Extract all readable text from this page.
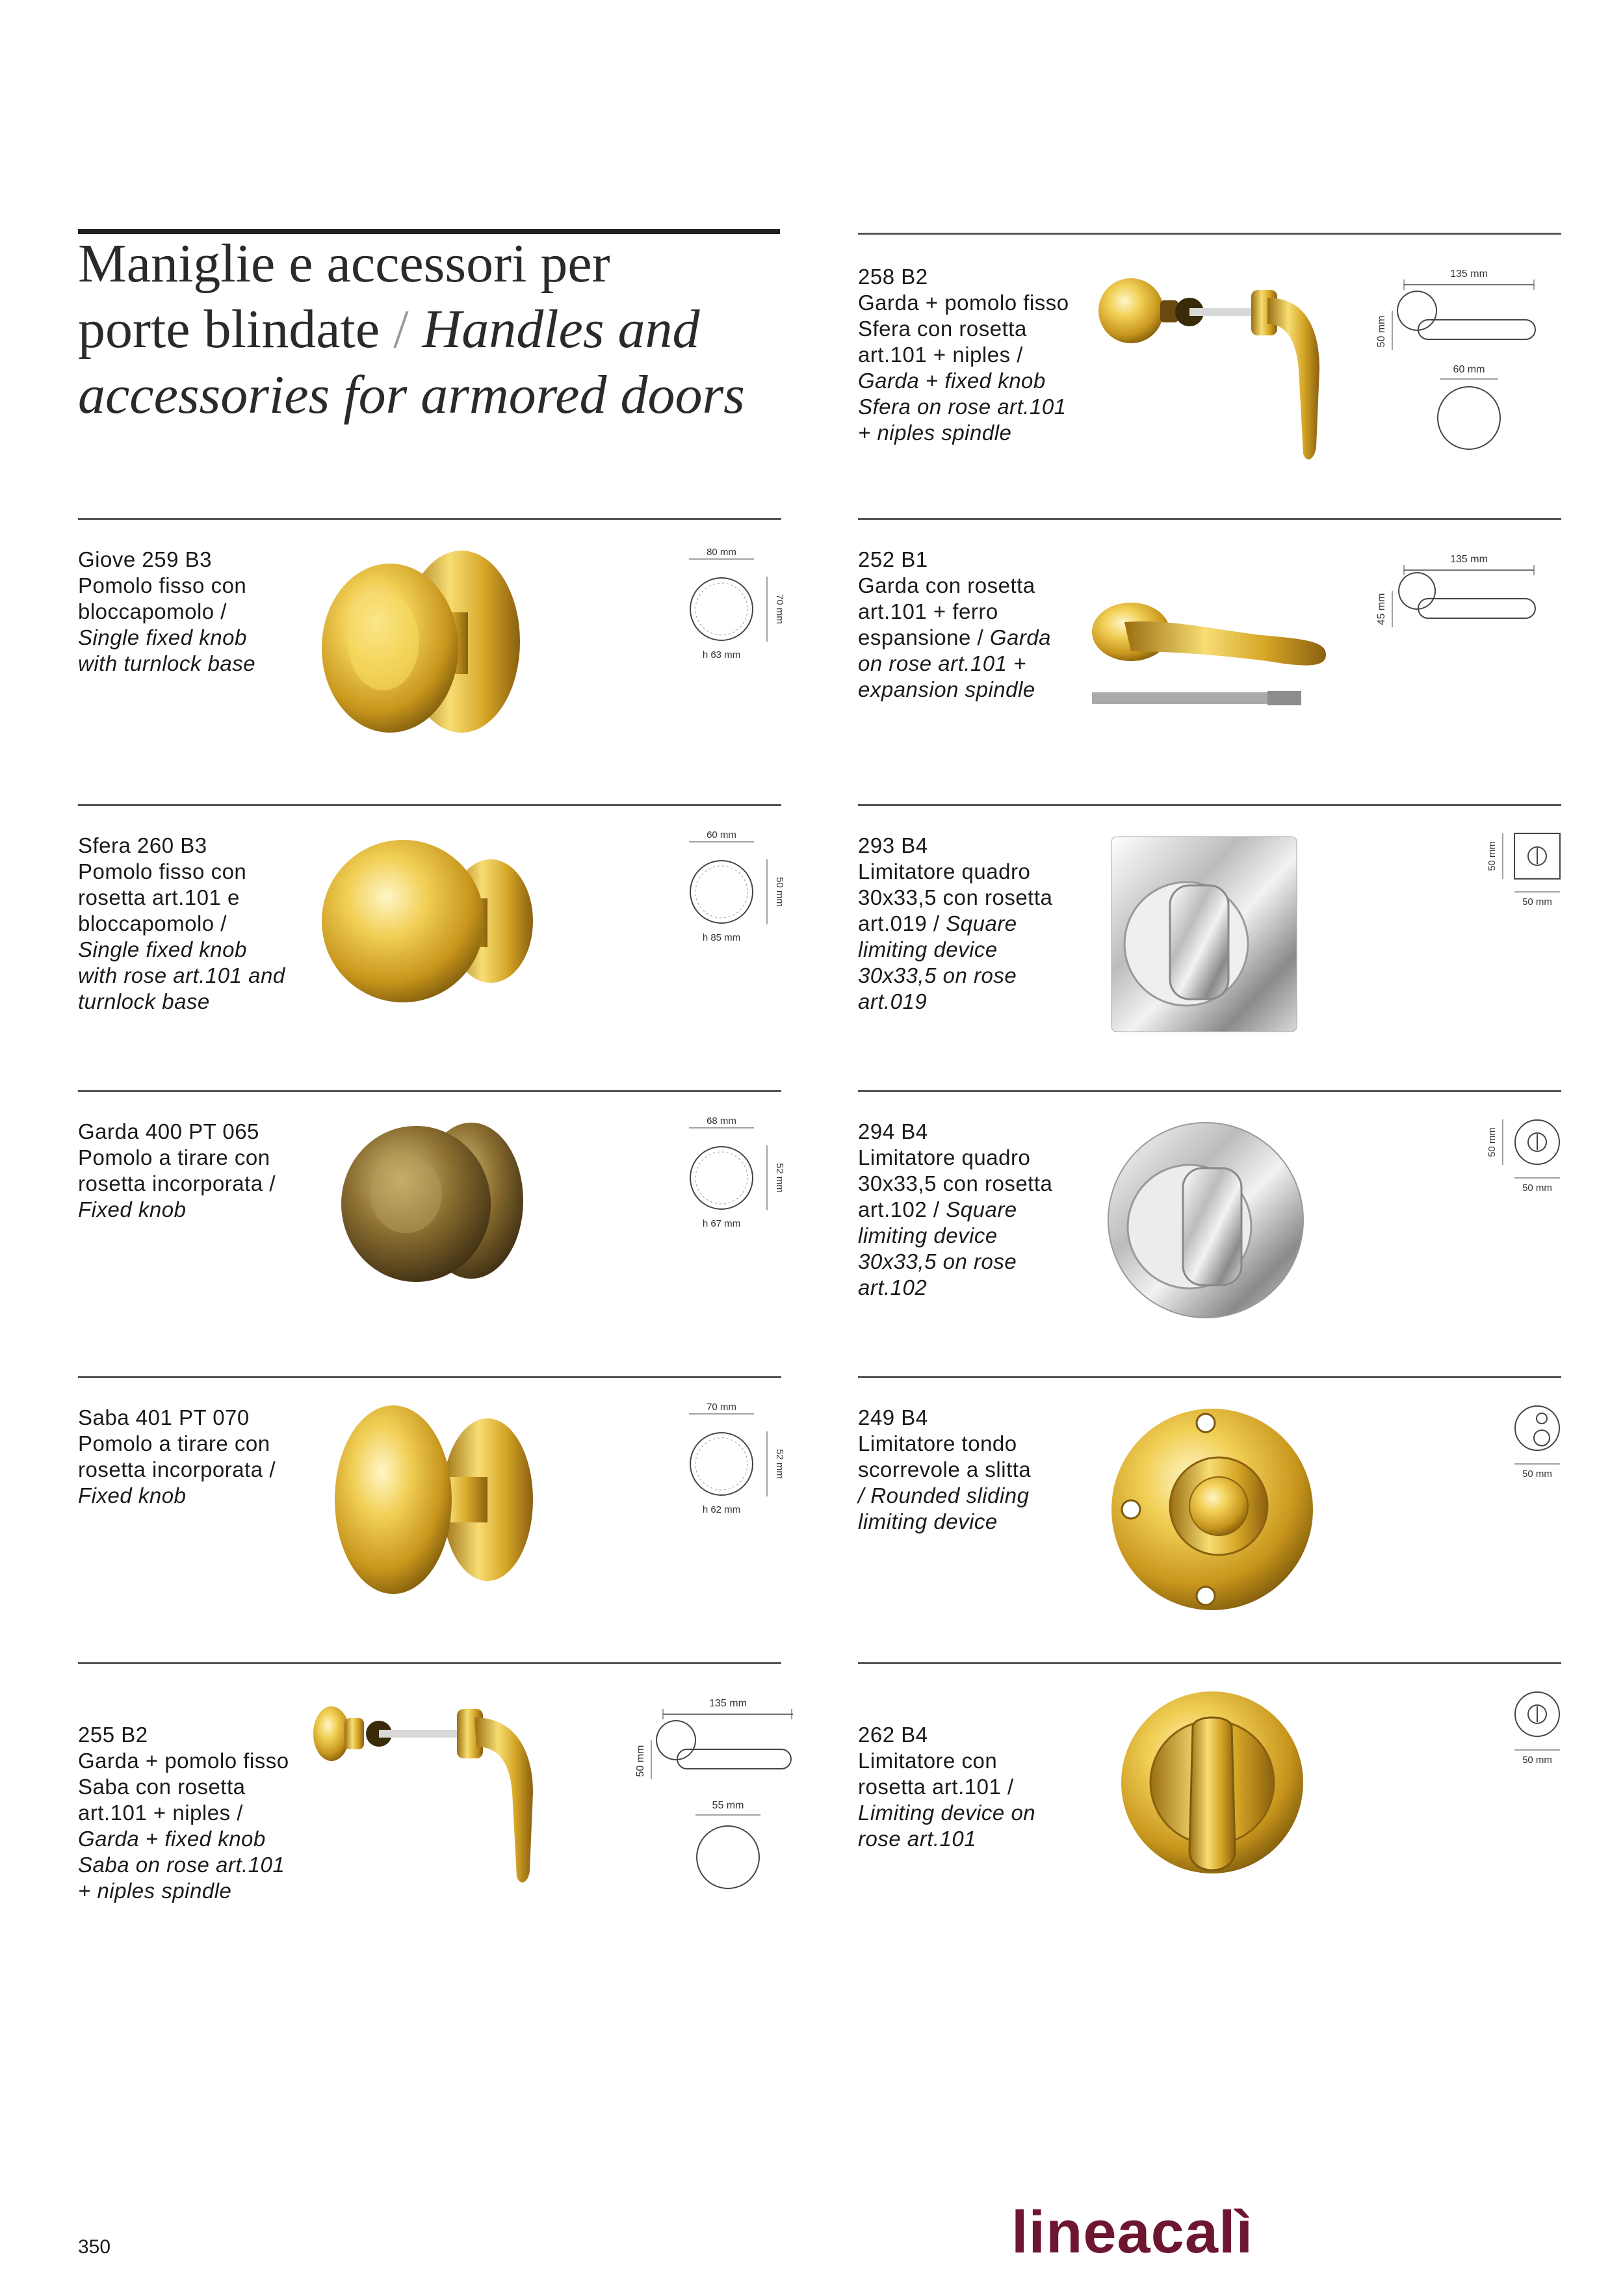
Maniglie e accessori per
porte blindate / Handles and
accessories for armored doors
258 B2
Garda + pomolo fisso
Sfera con rosetta
art.101 + niples /
Garda + fixed knob
Sfera on rose art.101
+ niples spindle
135 mm
50 mm
60 mm
Giove 259 B3
Pomolo fisso con
bloccapomolo /
Single fixed knob
with turnlock base
80 mm
70 mm
h 63 mm
252 B1
Garda con rosetta
art.101 + ferro
espansione / Garda
on rose art.101 +
expansion spindle
135 mm
45 mm
Sfera 260 B3
Pomolo fisso con
rosetta art.101 e
bloccapomolo /
Single fixed knob
with rose art.101 and
turnlock base
60 mm
50 mm
h 85 mm
293 B4
Limitatore quadro
30x33,5 con rosetta
art.019 / Square
limiting device
30x33,5 on rose
art.019
50 mm
50 mm
Garda 400 PT 065
Pomolo a tirare con
rosetta incorporata /
Fixed knob
68 mm
52 mm
h 67 mm
294 B4
Limitatore quadro
30x33,5 con rosetta
art.102 / Square
limiting device
30x33,5 on rose
art.102
50 mm
50 mm
Saba 401 PT 070
Pomolo a tirare con
rosetta incorporata /
Fixed knob
70 mm
52 mm
h 62 mm
249 B4
Limitatore tondo
scorrevole a slitta
/ Rounded sliding
limiting device
50 mm
255 B2
Garda + pomolo fisso
Saba con rosetta
art.101 + niples /
Garda + fixed knob
Saba on rose art.101
+ niples spindle
135 mm
50 mm
55 mm
262 B4
Limitatore con
rosetta art.101 /
Limiting device on
rose art.101
50 mm
350	lineacalì
